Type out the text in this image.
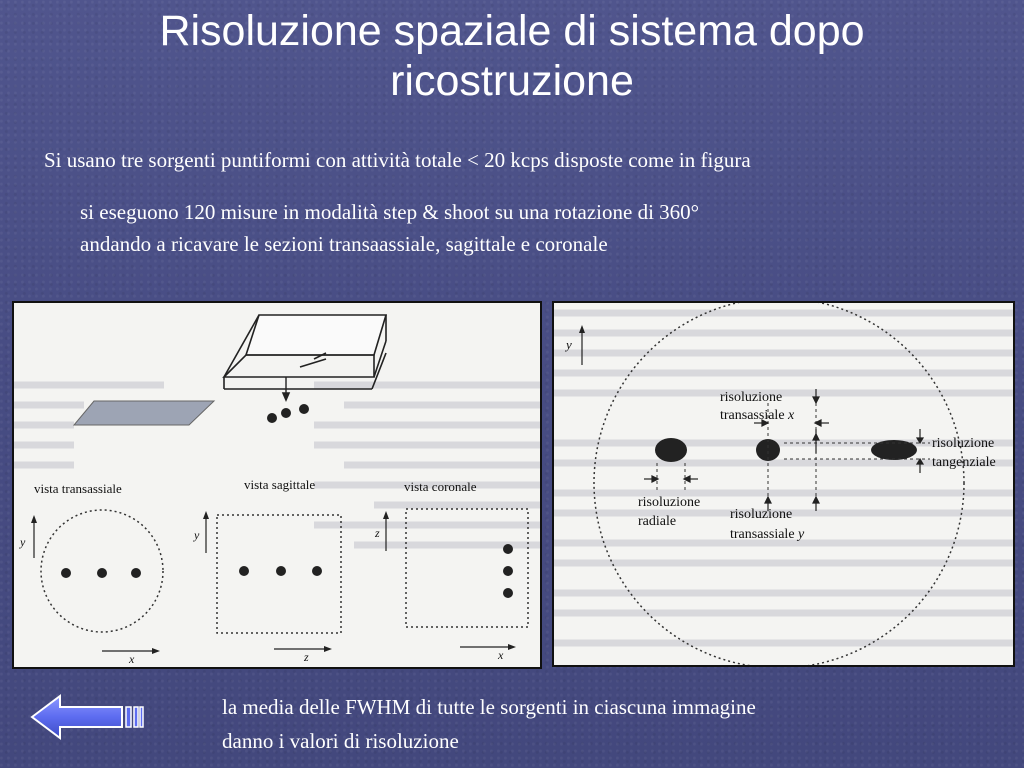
Risoluzione spaziale di sistema dopo
ricostruzione
Si usano tre sorgenti puntiformi con attività totale < 20 kcps disposte come in figura
si eseguono 120 misure in modalità step & shoot su una rotazione di 360°
andando a ricavare le sezioni transaassiale, sagittale e coronale
vista transassiale	vista sagittale	vista coronale
y
x
y
z
z
x
y
risoluzione
transassiale x
risoluzione
tangenziale
risoluzione
radiale	risoluzione
transassiale y
la media delle FWHM di tutte le sorgenti in ciascuna immagine
danno i valori di risoluzione
